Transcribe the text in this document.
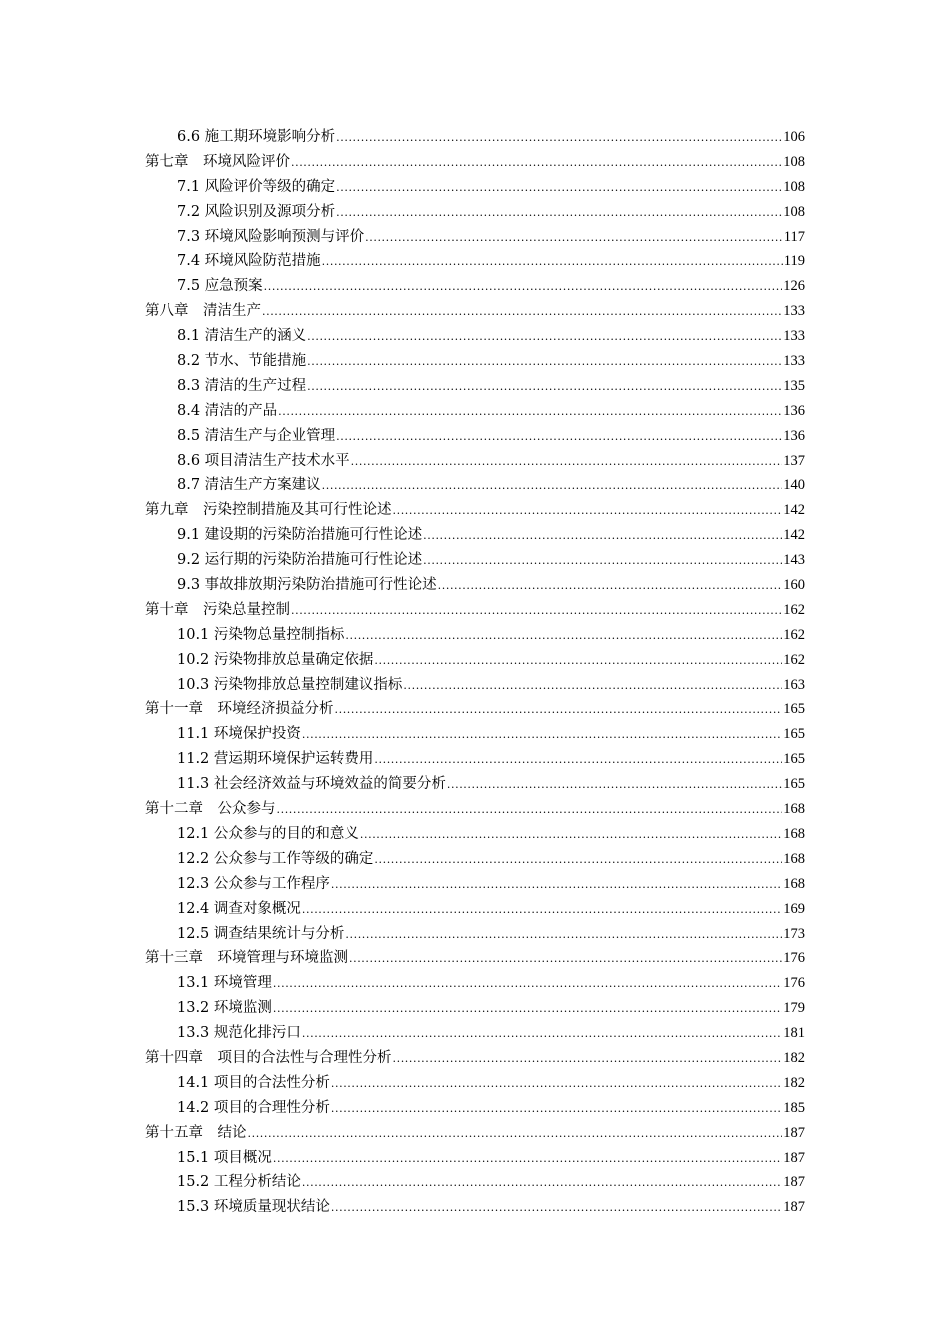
6.6 施工期环境影响分析 .....	106
第七章　环境风险评价 .....	108
7.1 风险评价等级的确定 .....	108
7.2 风险识别及源项分析 .....	108
7.3 环境风险影响预测与评价 .....	117
7.4 环境风险防范措施 .....	119
7.5 应急预案 .....	126
第八章　清洁生产 .....	133
8.1 清洁生产的涵义 .....	133
8.2 节水、节能措施 .....	133
8.3 清洁的生产过程 .....	135
8.4 清洁的产品 .....	136
8.5 清洁生产与企业管理 .....	136
8.6 项目清洁生产技术水平 .....	137
8.7 清洁生产方案建议 .....	140
第九章　污染控制措施及其可行性论述 .....	142
9.1 建设期的污染防治措施可行性论述 .....	142
9.2 运行期的污染防治措施可行性论述 .....	143
9.3 事故排放期污染防治措施可行性论述 .....	160
第十章　污染总量控制 .....	162
10.1 污染物总量控制指标 .....	162
10.2 污染物排放总量确定依据 .....	162
10.3 污染物排放总量控制建议指标 .....	163
第十一章　环境经济损益分析 .....	165
11.1 环境保护投资 .....	165
11.2 营运期环境保护运转费用 .....	165
11.3 社会经济效益与环境效益的简要分析 .....	165
第十二章　公众参与 .....	168
12.1 公众参与的目的和意义 .....	168
12.2 公众参与工作等级的确定 .....	168
12.3 公众参与工作程序 .....	168
12.4 调查对象概况 .....	169
12.5 调查结果统计与分析 .....	173
第十三章　环境管理与环境监测 .....	176
13.1 环境管理 .....	176
13.2 环境监测 .....	179
13.3 规范化排污口 .....	181
第十四章　项目的合法性与合理性分析 .....	182
14.1 项目的合法性分析 .....	182
14.2 项目的合理性分析 .....	185
第十五章　结论 .....	187
15.1 项目概况 .....	187
15.2 工程分析结论 .....	187
15.3 环境质量现状结论 .....	187
